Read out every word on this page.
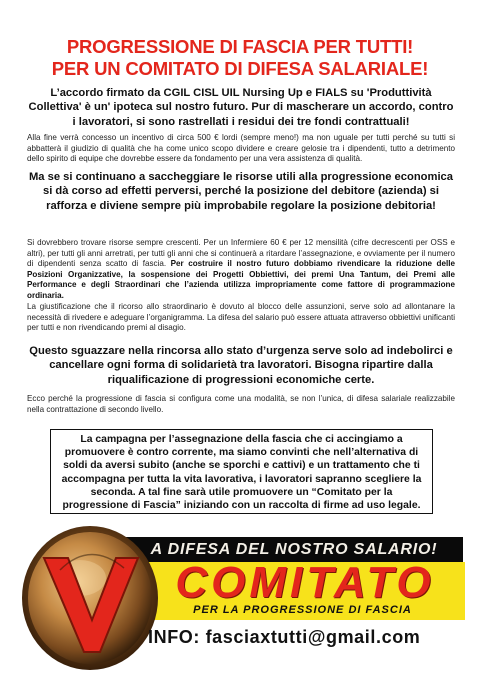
PROGRESSIONE DI FASCIA PER TUTTI!
PER UN COMITATO DI DIFESA SALARIALE!
L’accordo firmato da CGIL CISL UIL Nursing Up e FIALS su 'Produttività Collettiva' è un' ipoteca sul nostro futuro. Pur di mascherare un accordo, contro i lavoratori, si sono rastrellati i residui dei tre fondi contrattuali!
Alla fine verrà concesso un incentivo di circa 500 € lordi (sempre meno!) ma non uguale per tutti perché su tutti si abbatterà il giudizio di qualità che ha come unico scopo dividere e creare gelosie tra i dipendenti, tutto a detrimento dello spirito di equipe che dovrebbe essere da fondamento per una vera assistenza di qualità.
Ma se si continuano a saccheggiare le risorse utili alla progressione economica si dà corso ad effetti perversi, perché la posizione del debitore (azienda) si rafforza e diviene sempre più improbabile regolare la posizione debitoria!
Si dovrebbero trovare risorse sempre crescenti. Per un Infermiere 60 € per 12 mensilità (cifre decrescenti per OSS e altri), per tutti gli anni arretrati, per tutti gli anni che si continuerà a ritardare l’assegnazione, e ovviamente per il numero di dipendenti senza scatto di fascia. Per costruire il nostro futuro dobbiamo rivendicare la riduzione delle Posizioni Organizzative, la sospensione dei Progetti Obbiettivi, dei premi Una Tantum, dei Premi alle Performance e degli Straordinari che l’azienda utilizza impropriamente come fattore di programmazione ordinaria.
La giustificazione che il ricorso allo straordinario è dovuto al blocco delle assunzioni, serve solo ad allontanare la necessità di rivedere e adeguare l’organigramma. La difesa del salario può essere attuata attraverso obbiettivi unificanti per tutti e non rivendicando premi al disagio.
Questo sguazzare nella rincorsa allo stato d’urgenza serve solo ad indebolirci e cancellare ogni forma di solidarietà tra lavoratori. Bisogna ripartire dalla riqualificazione di progressioni economiche certe.
Ecco perché la progressione di fascia si configura come una modalità, se non l’unica, di difesa salariale realizzabile nella contrattazione di secondo livello.
La campagna per l’assegnazione della fascia che ci accingiamo a promuovere è contro corrente, ma siamo convinti che nell’alternativa di soldi da aversi subito (anche se sporchi e cattivi) e un trattamento che ti accompagna per tutta la vita lavorativa, i lavoratori sapranno scegliere la seconda. A tal fine sarà utile promuovere un “Comitato per la progressione di Fascia” iniziando con un raccolta di firme ad uso legale.
A DIFESA DEL NOSTRO SALARIO!
COMITATO
PER LA PROGRESSIONE DI FASCIA
INFO: fasciaxtutti@gmail.com
